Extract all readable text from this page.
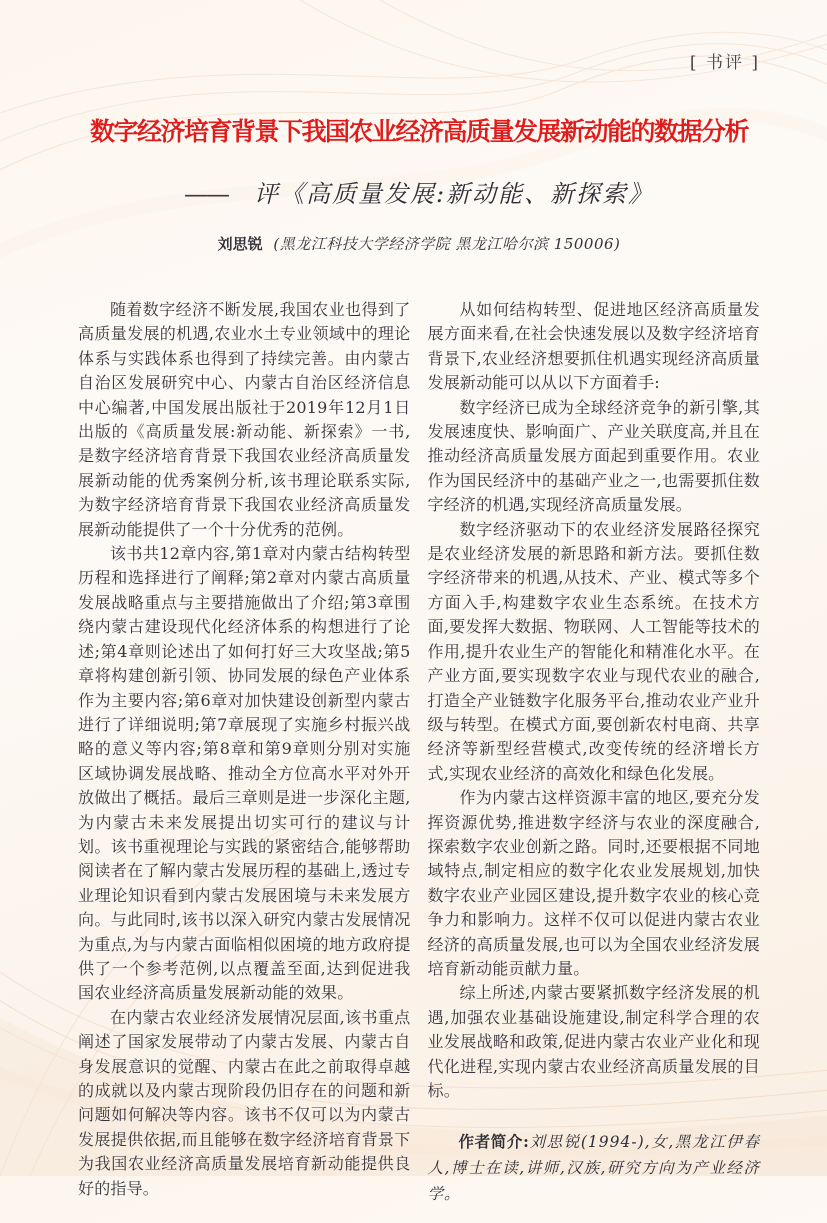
[ 书评 ]
数字经济培育背景下我国农业经济高质量发展新动能的数据分析
—— 评《高质量发展:新动能、新探索》
刘思锐 (黑龙江科技大学经济学院 黑龙江哈尔滨 150006)

随着数字经济不断发展,我国农业也得到了高质量发展的机遇,农业水土专业领域中的理论体系与实践体系也得到了持续完善。由内蒙古自治区发展研究中心、内蒙古自治区经济信息中心编著,中国发展出版社于2019年12月1日出版的《高质量发展:新动能、新探索》一书,是数字经济培育背景下我国农业经济高质量发展新动能的优秀案例分析,该书理论联系实际,为数字经济培育背景下我国农业经济高质量发展新动能提供了一个十分优秀的范例。

该书共12章内容,第1章对内蒙古结构转型历程和选择进行了阐释;第2章对内蒙古高质量发展战略重点与主要措施做出了介绍;第3章围绕内蒙古建设现代化经济体系的构想进行了论述;第4章则论述出了如何打好三大攻坚战;第5章将构建创新引领、协同发展的绿色产业体系作为主要内容;第6章对加快建设创新型内蒙古进行了详细说明;第7章展现了实施乡村振兴战略的意义等内容;第8章和第9章则分别对实施区域协调发展战略、推动全方位高水平对外开放做出了概括。最后三章则是进一步深化主题,为内蒙古未来发展提出切实可行的建议与计划。该书重视理论与实践的紧密结合,能够帮助阅读者在了解内蒙古发展历程的基础上,透过专业理论知识看到内蒙古发展困境与未来发展方向。与此同时,该书以深入研究内蒙古发展情况为重点,为与内蒙古面临相似困境的地方政府提供了一个参考范例,以点覆盖至面,达到促进我国农业经济高质量发展新动能的效果。

在内蒙古农业经济发展情况层面,该书重点阐述了国家发展带动了内蒙古发展、内蒙古自身发展意识的觉醒、内蒙古在此之前取得卓越的成就以及内蒙古现阶段仍旧存在的问题和新问题如何解决等内容。该书不仅可以为内蒙古发展提供依据,而且能够在数字经济培育背景下为我国农业经济高质量发展培育新动能提供良好的指导。

从如何结构转型、促进地区经济高质量发展方面来看,在社会快速发展以及数字经济培育背景下,农业经济想要抓住机遇实现经济高质量发展新动能可以从以下方面着手:

数字经济已成为全球经济竞争的新引擎,其发展速度快、影响面广、产业关联度高,并且在推动经济高质量发展方面起到重要作用。农业作为国民经济中的基础产业之一,也需要抓住数字经济的机遇,实现经济高质量发展。

数字经济驱动下的农业经济发展路径探究是农业经济发展的新思路和新方法。要抓住数字经济带来的机遇,从技术、产业、模式等多个方面入手,构建数字农业生态系统。在技术方面,要发挥大数据、物联网、人工智能等技术的作用,提升农业生产的智能化和精准化水平。在产业方面,要实现数字农业与现代农业的融合,打造全产业链数字化服务平台,推动农业产业升级与转型。在模式方面,要创新农村电商、共享经济等新型经营模式,改变传统的经济增长方式,实现农业经济的高效化和绿色化发展。

作为内蒙古这样资源丰富的地区,要充分发挥资源优势,推进数字经济与农业的深度融合,探索数字农业创新之路。同时,还要根据不同地域特点,制定相应的数字化农业发展规划,加快数字农业产业园区建设,提升数字农业的核心竞争力和影响力。这样不仅可以促进内蒙古农业经济的高质量发展,也可以为全国农业经济发展培育新动能贡献力量。

综上所述,内蒙古要紧抓数字经济发展的机遇,加强农业基础设施建设,制定科学合理的农业发展战略和政策,促进内蒙古农业产业化和现代化进程,实现内蒙古农业经济高质量发展的目标。

作者简介:刘思锐(1994-),女,黑龙江伊春人,博士在读,讲师,汉族,研究方向为产业经济学。
